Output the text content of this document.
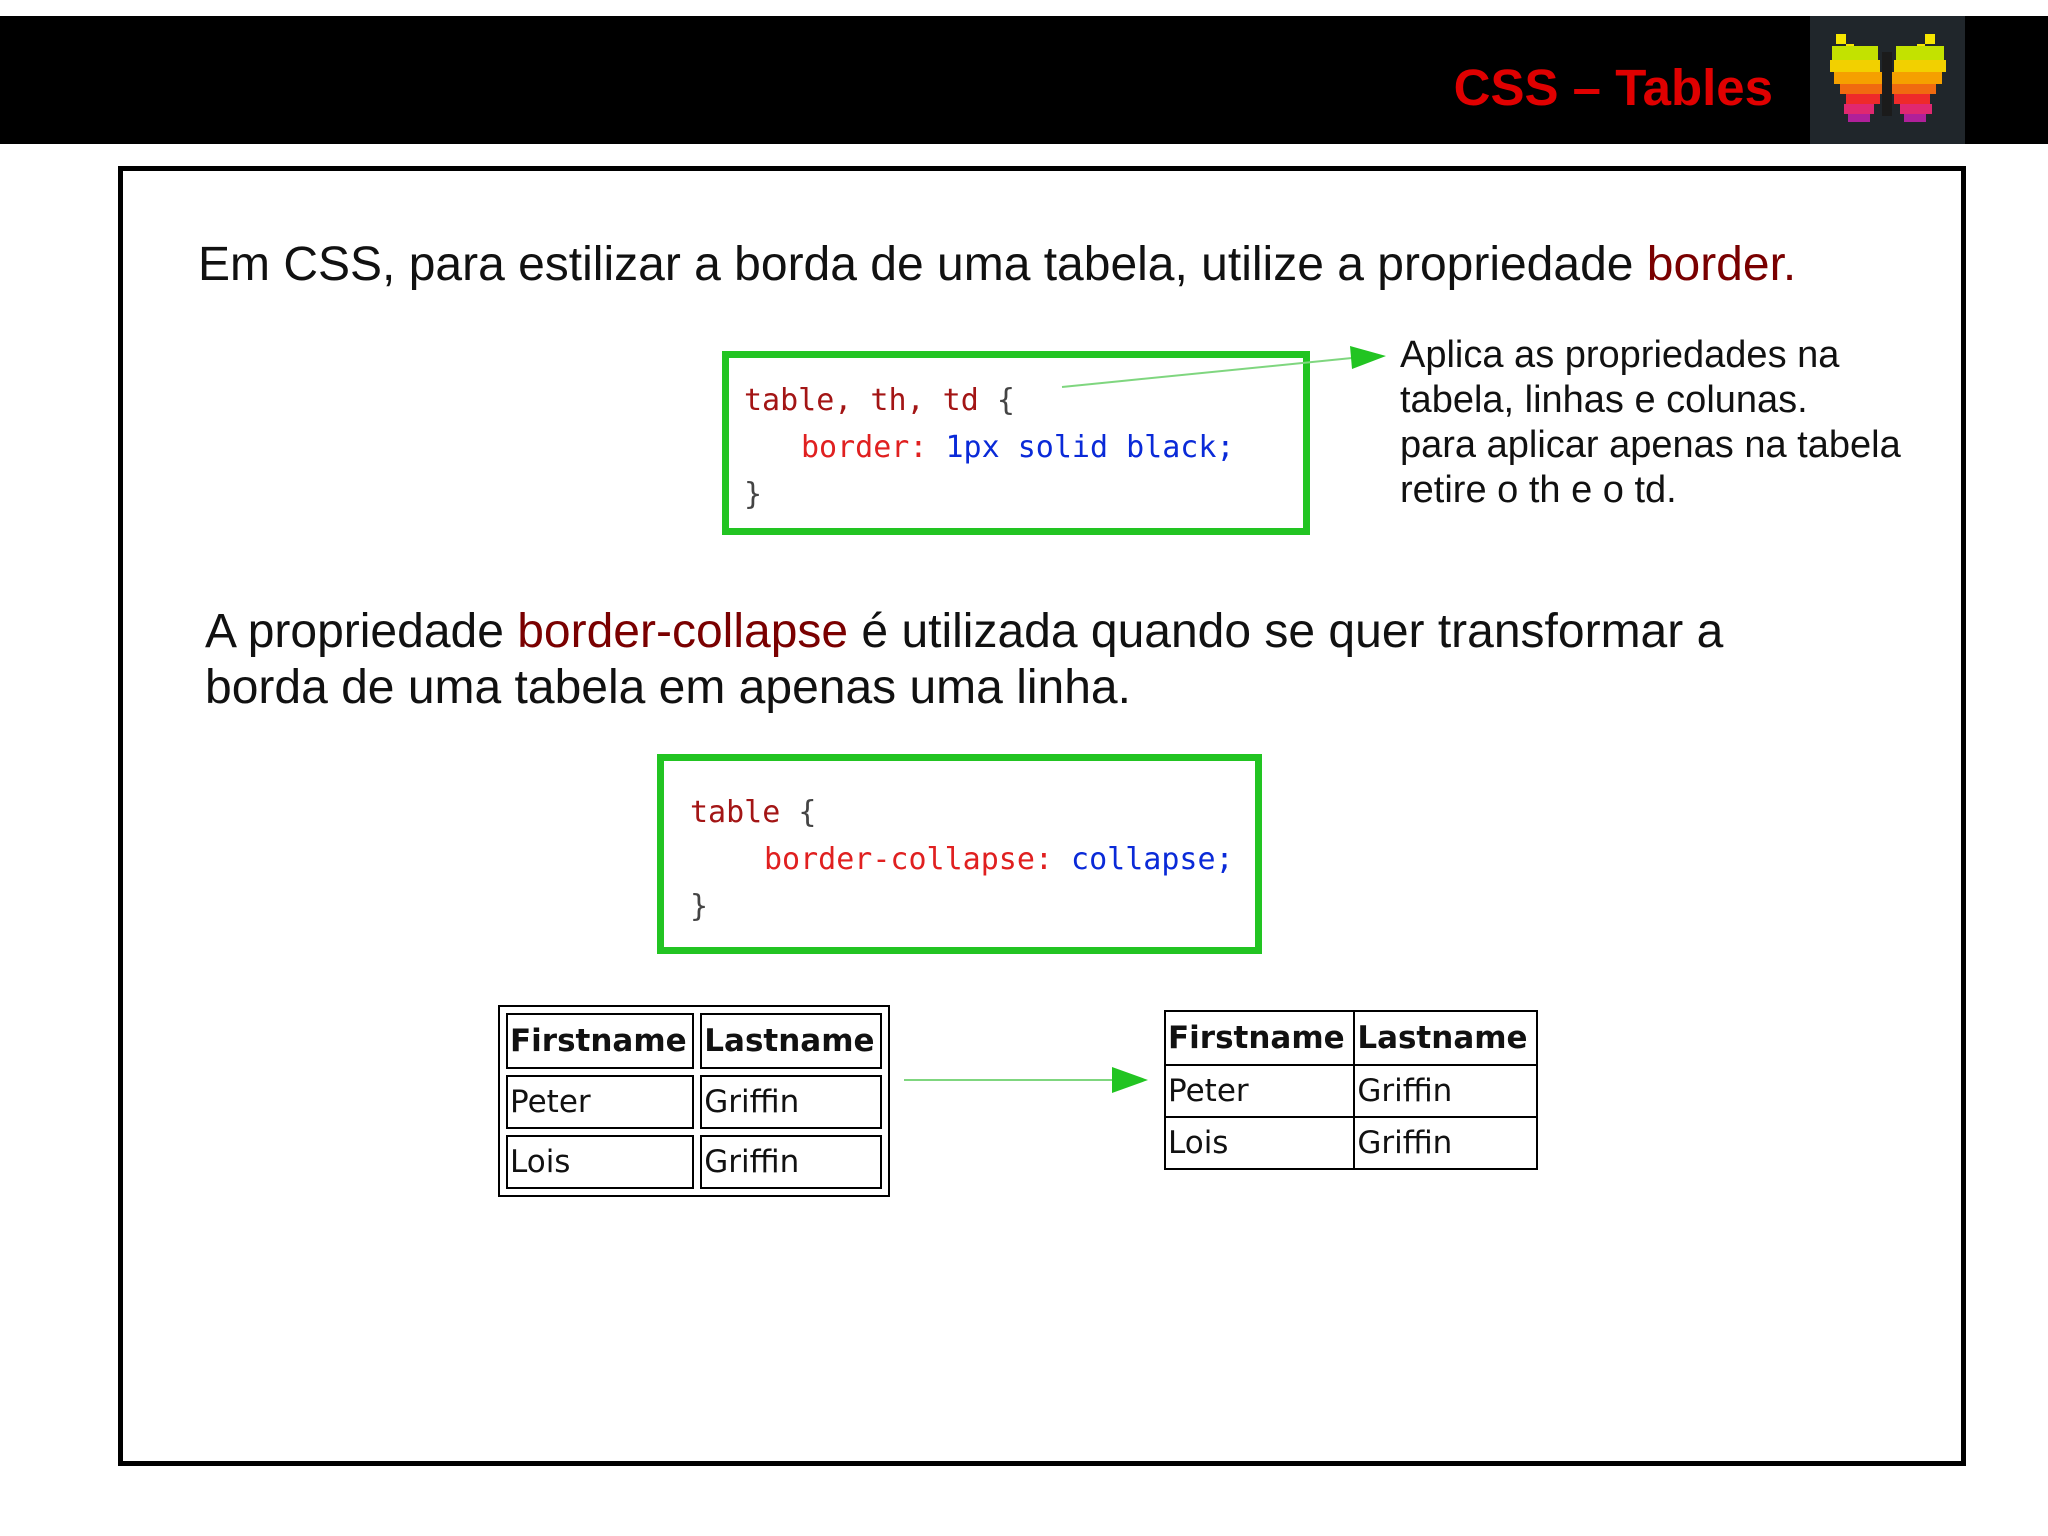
CSS – Tables
Em CSS, para estilizar a borda de uma tabela, utilize a propriedade border.
table, th, td {
border: 1px solid black;
}
Aplica as propriedades na
tabela, linhas e colunas.
para aplicar apenas na tabela
retire o th e o td.
A propriedade border-collapse é utilizada quando se quer transformar a
borda de uma tabela em apenas uma linha.
table {
border-collapse: collapse;
}
Firstname	Lastname
Peter	Griffin
Lois	Griffin
Firstname	Lastname
Peter	Griffin
Lois	Griffin
